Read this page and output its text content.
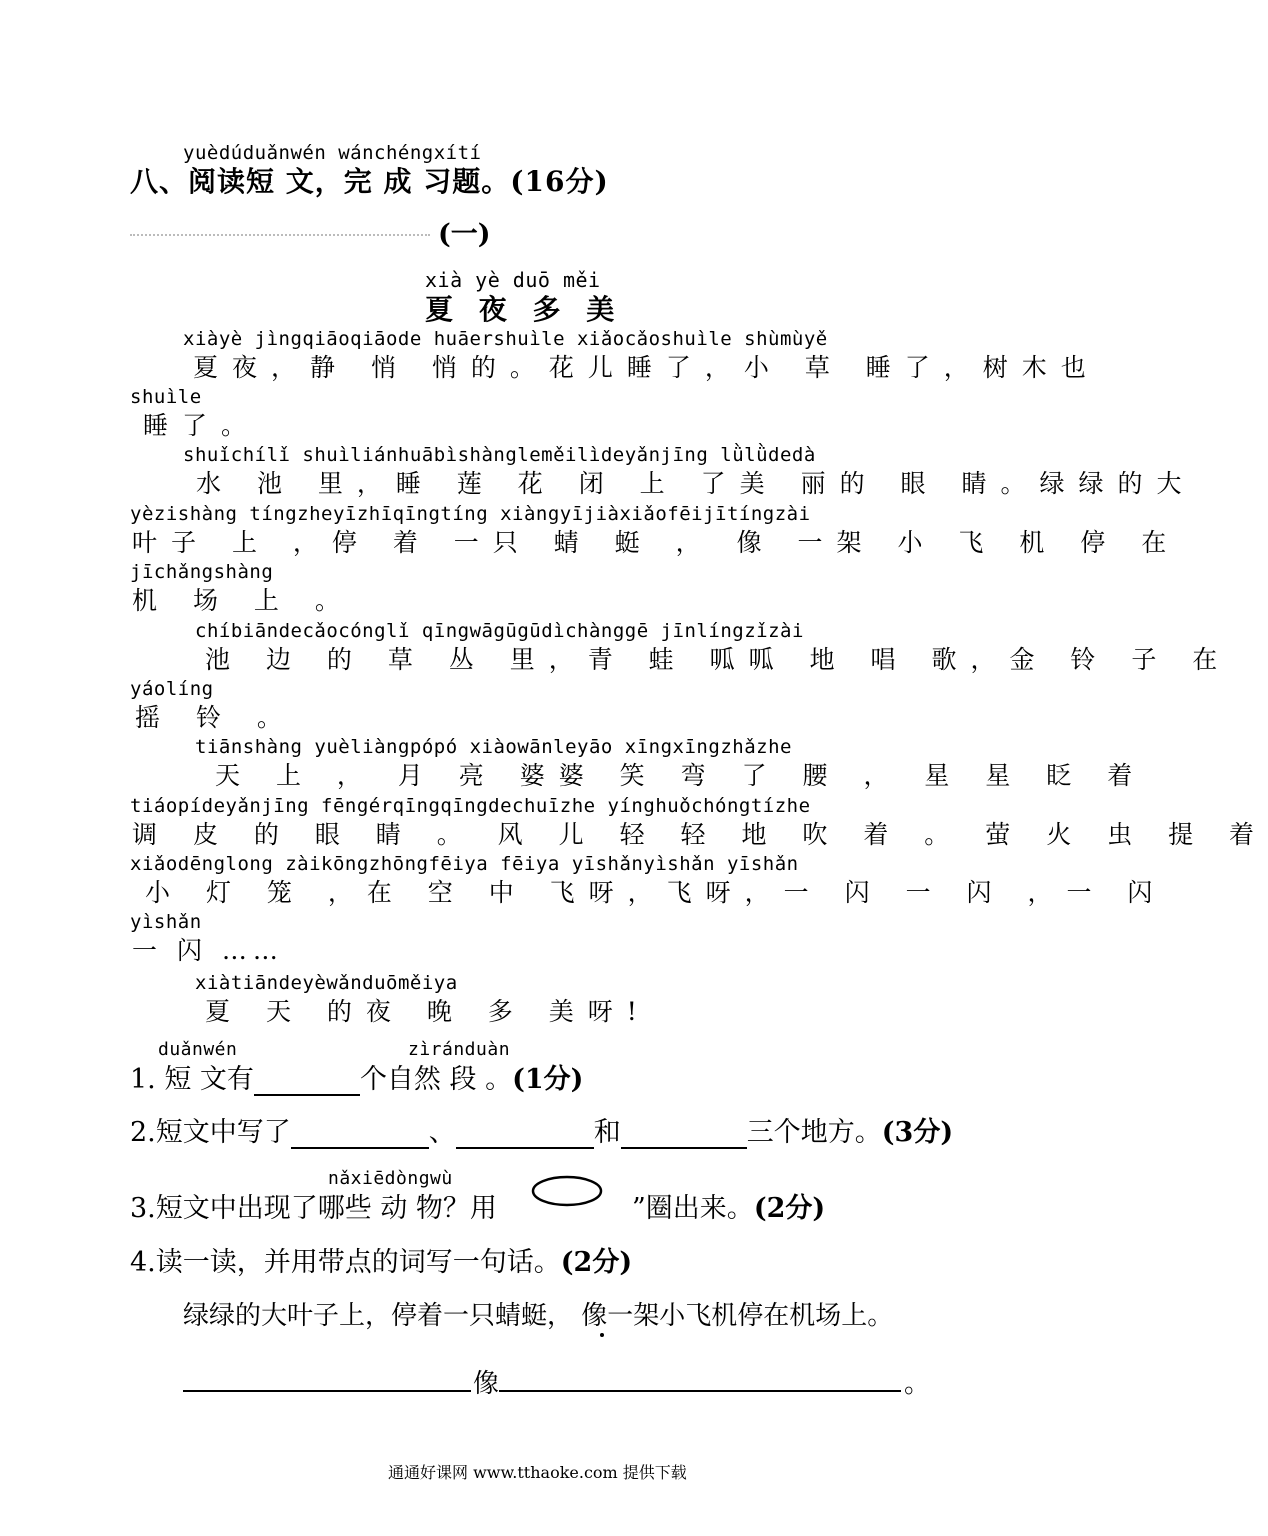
yuèdúduǎnwén wánchéngxítí
八、阅读短 文，完 成 习题。(16分)
(一)
xià yè duō měi
夏 夜 多 美
xiàyè jìngqiāoqiāode huāershuìle xiǎocǎoshuìle shùmùyě
夏夜，静 悄 悄的。花儿睡了，小 草 睡了，树木也
shuìle
睡了。
shuǐchílǐ shuìliánhuābìshàngleměilìdeyǎnjīng lǜlǜdedà
水 池 里，睡 莲 花 闭 上 了美 丽的 眼 睛。绿绿的大
yèzishàng tíngzheyīzhīqīngtíng xiàngyījiàxiǎofēijītíngzài
叶子 上 ，停 着 一只 蜻 蜓 ， 像 一架 小 飞 机 停 在
jīchǎngshàng
机 场 上 。
chíbiāndecǎocónglǐ qīngwāgūgūdìchànggē jīnlíngzǐzài
池 边 的 草 丛 里，青 蛙 呱呱 地 唱 歌，金 铃 子 在
yáolíng
摇 铃 。
tiānshàng yuèliàngpópó xiàowānleyāo xīngxīngzhǎzhe
天 上 ， 月 亮 婆婆 笑 弯 了 腰 ， 星 星 眨 着
tiáopídeyǎnjīng fēngérqīngqīngdechuīzhe yínghuǒchóngtízhe
调 皮 的 眼 睛 。 风 儿 轻 轻 地 吹 着 。 萤 火 虫 提 着
xiǎodēnglong zàikōngzhōngfēiya fēiya yīshǎnyìshǎn yīshǎn
小 灯 笼 ，在 空 中 飞呀，飞呀，一 闪 一 闪 ，一 闪
yìshǎn
一 闪 ……
xiàtiāndeyèwǎnduōměiya
夏 天 的夜 晚 多 美呀!
duǎnwén	zìránduàn
1. 短 文有	个自然 段 。(1分)
2.短文中写了	、	和	三个地方。(3分)
nǎxiēdòngwù
3.短文中出现了哪些 动 物？用	”圈出来。(2分)
4.读一读，并用带点的词写一句话。(2分)
绿绿的大叶子上，停着一只蜻蜓， 像一架小飞机停在机场上。
像	。
通通好课网 www.tthaoke.com 提供下载
